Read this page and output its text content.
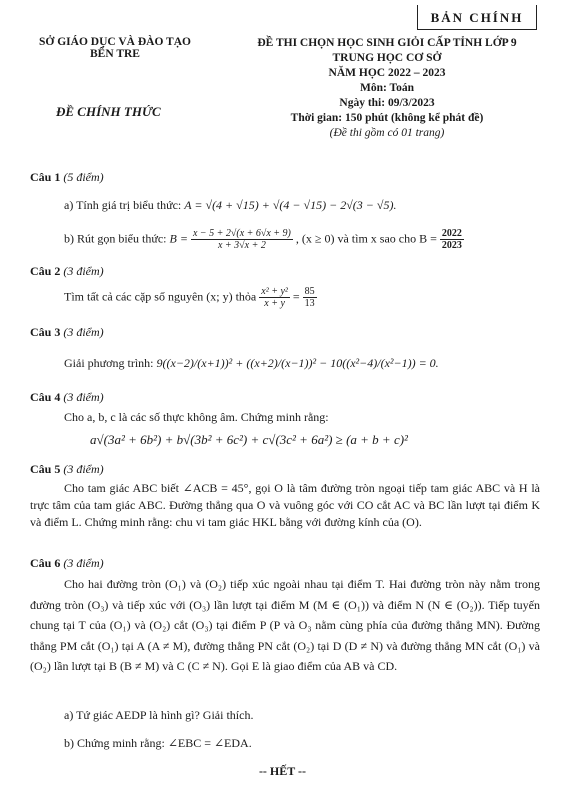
BẢN CHÍNH
SỞ GIÁO DỤC VÀ ĐÀO TẠO
BẾN TRE
ĐỀ THI CHỌN HỌC SINH GIỎI CẤP TỈNH LỚP 9
TRUNG HỌC CƠ SỞ
NĂM HỌC 2022 – 2023
Môn: Toán
Ngày thi: 09/3/2023
Thời gian: 150 phút (không kể phát đề)
(Đề thi gồm có 01 trang)
ĐỀ CHÍNH THỨC
Câu 1 (5 điểm)
a) Tính giá trị biểu thức: A = √(4 + √15) + √(4 − √15) − 2√(3 − √5).
b) Rút gọn biểu thức: $B = \frac{x - 5 + 2√(x + 6√x + 9)}{x + 3√x + 2}$ , (x ≥ 0) và tìm x sao cho $B = \frac{2022}{2023}$
Câu 2 (3 điểm)
Tìm tất cả các cặp số nguyên (x; y) thỏa $\frac{\text{x² + y²}}{x + y} = \frac{85}{13}$
Câu 3 (3 điểm)
Giải phương trình: 9((x−2)/(x+1))² + ((x+2)/(x−1))² − 10((x²−4)/(x²−1)) = 0.
Câu 4 (3 điểm)
Cho a, b, c là các số thực không âm. Chứng minh rằng:
a√(3a² + 6b²) + b√(3b² + 6c²) + c√(3c² + 6a²) ≥ (a + b + c)²
Câu 5 (3 điểm)
Cho tam giác ABC biết ∠ACB = 45°, gọi O là tâm đường tròn ngoại tiếp tam giác ABC và H là trực tâm của tam giác ABC. Đường thẳng qua O và vuông góc với CO cắt AC và BC lần lượt tại điểm K và điểm L. Chứng minh rằng: chu vi tam giác HKL bằng với đường kính của (O).
Câu 6 (3 điểm)
Cho hai đường tròn (O₁) và (O₂) tiếp xúc ngoài nhau tại điểm T. Hai đường tròn này nằm trong đường tròn (O₃) và tiếp xúc với (O₃) lần lượt tại điểm M (M ∈ (O₁)) và điểm N (N ∈ (O₂)). Tiếp tuyến chung tại T của (O₁) và (O₂) cắt (O₃) tại điểm P (P và O₃ nằm cùng phía của đường thẳng MN). Đường thẳng PM cắt (O₁) tại A (A ≠ M), đường thẳng PN cắt (O₂) tại D (D ≠ N) và đường thẳng MN cắt (O₁) và (O₂) lần lượt tại B (B ≠ M) và C (C ≠ N). Gọi E là giao điểm của AB và CD.
a) Tứ giác AEDP là hình gì? Giải thích.
b) Chứng minh rằng: ∠EBC = ∠EDA.
-- HẾT --
